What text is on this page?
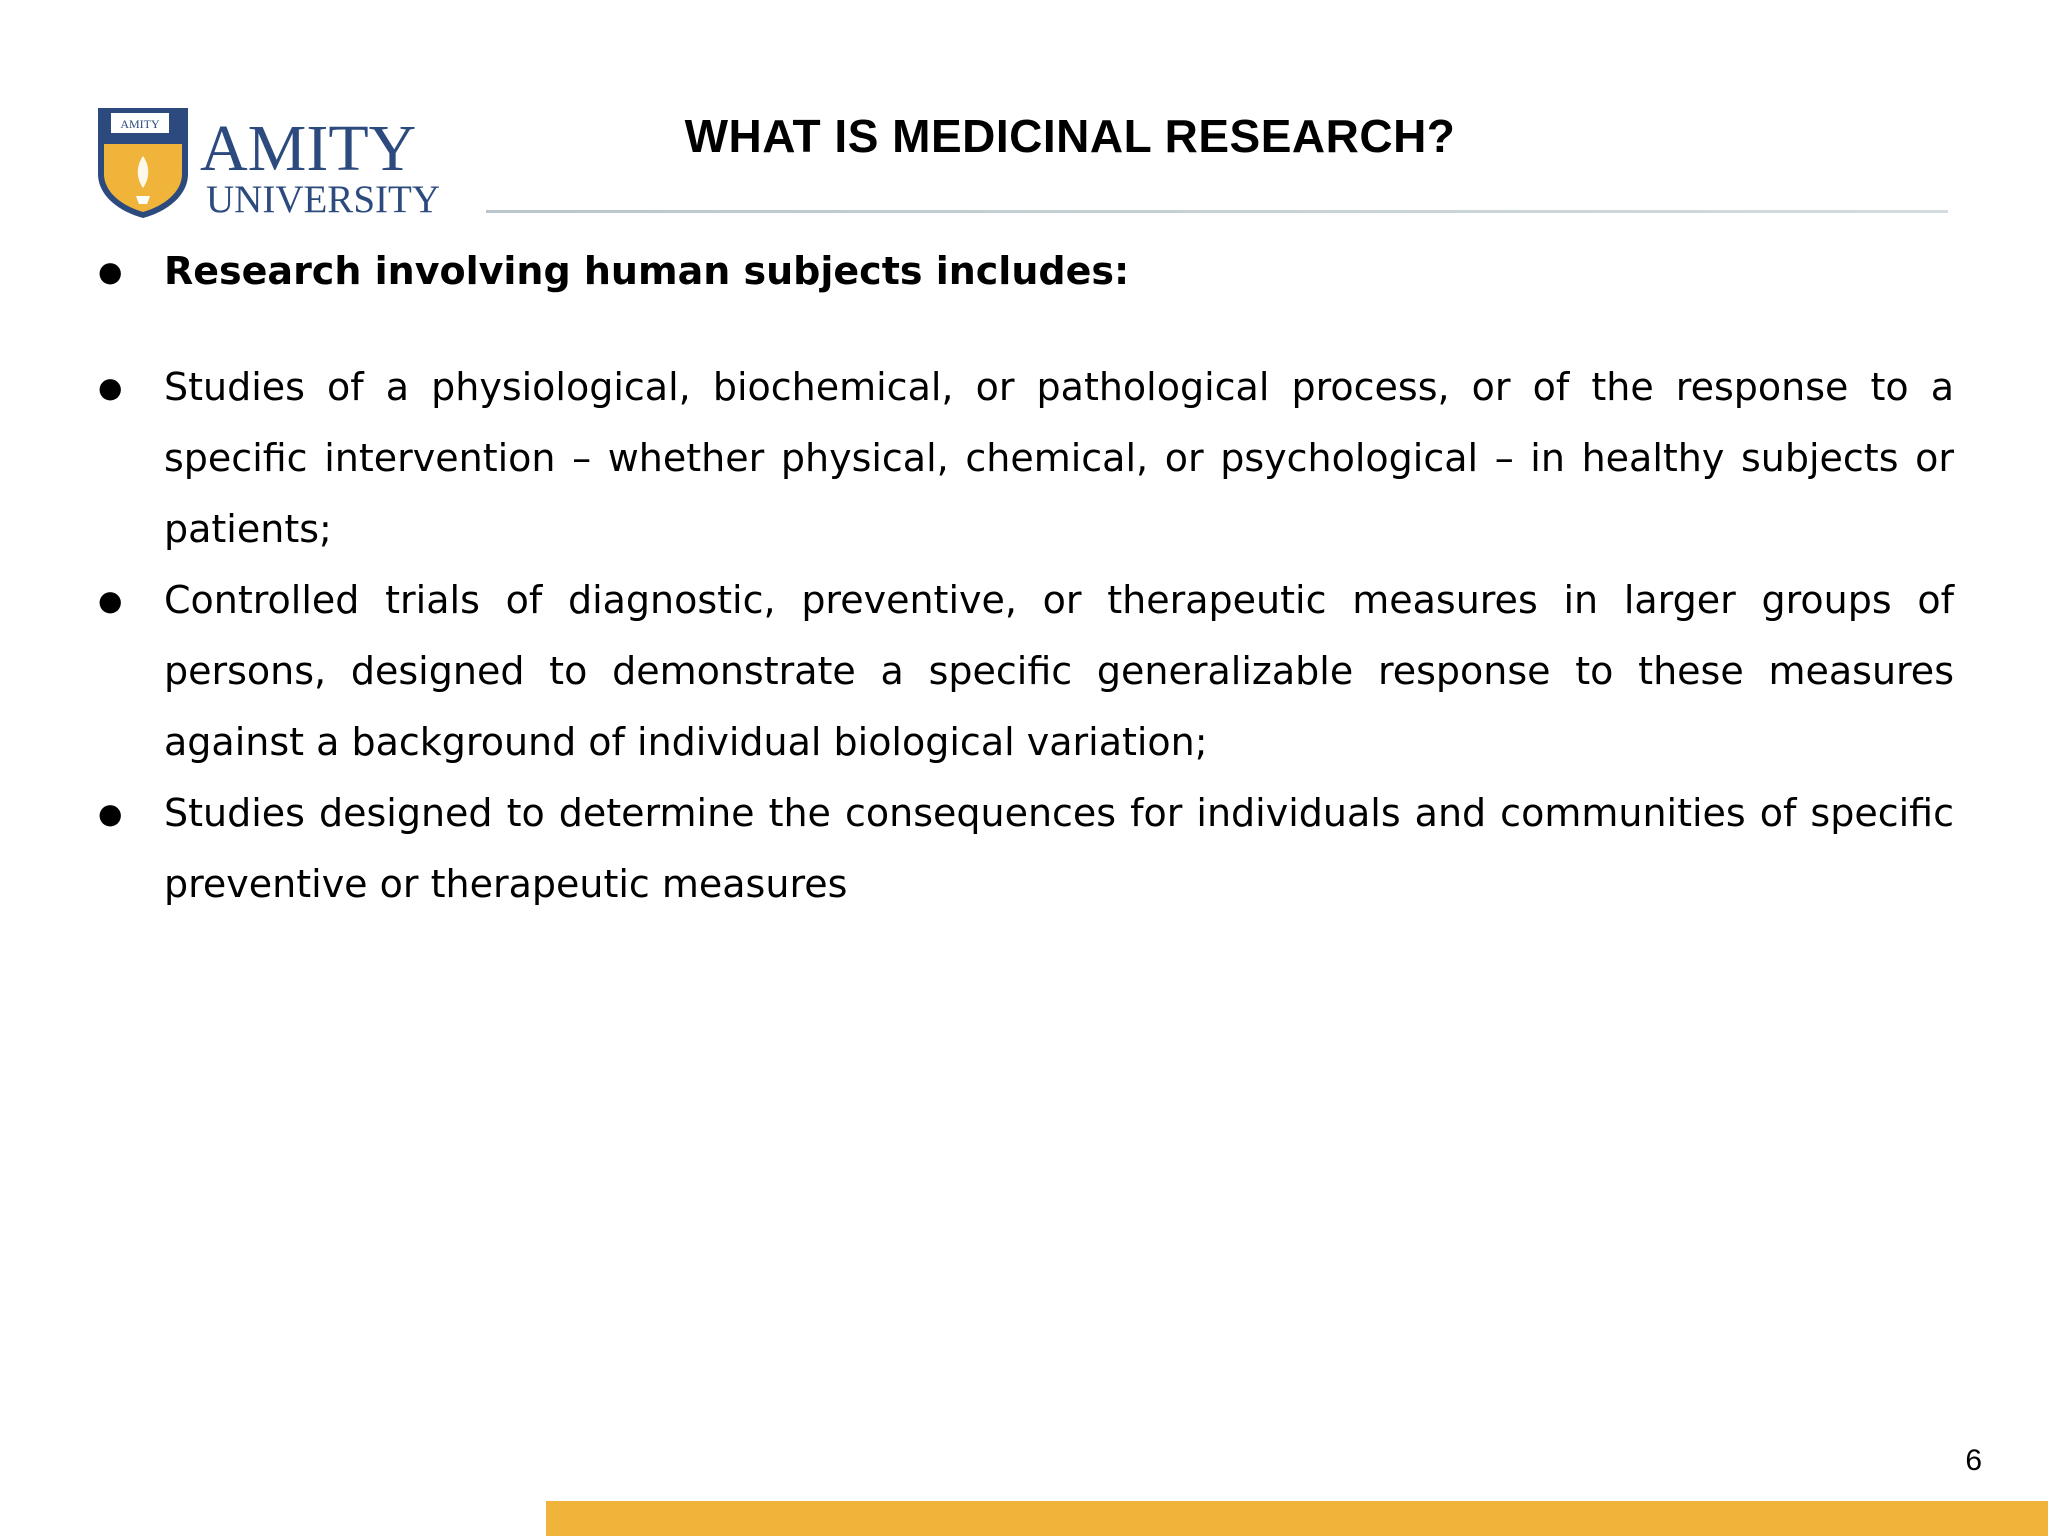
AMITY AMITY
UNIVERSITY
WHAT IS MEDICINAL RESEARCH?
● Research involving human subjects includes:
● Studies of a physiological, biochemical, or pathological process, or of the response to a specific intervention – whether physical, chemical, or psychological – in healthy subjects or patients;
● Controlled trials of diagnostic, preventive, or therapeutic measures in larger groups of persons, designed to demonstrate a specific generalizable response to these measures against a background of individual biological variation;
● Studies designed to determine the consequences for individuals and communities of specific preventive or therapeutic measures
6
